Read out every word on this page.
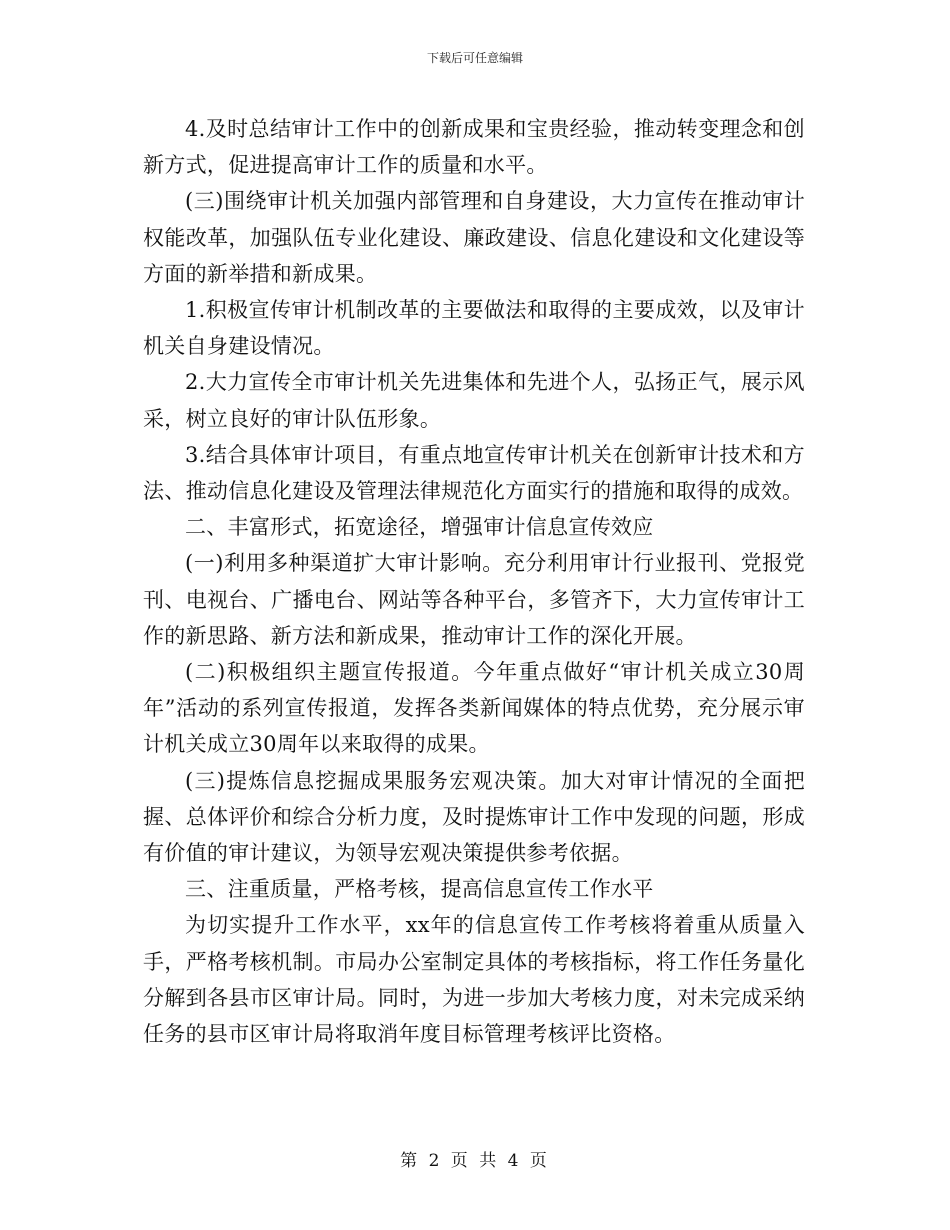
下载后可任意编辑

4.及时总结审计工作中的创新成果和宝贵经验，推动转变理念和创新方式，促进提高审计工作的质量和水平。

(三)围绕审计机关加强内部管理和自身建设，大力宣传在推动审计权能改革，加强队伍专业化建设、廉政建设、信息化建设和文化建设等方面的新举措和新成果。

1.积极宣传审计机制改革的主要做法和取得的主要成效，以及审计机关自身建设情况。

2.大力宣传全市审计机关先进集体和先进个人，弘扬正气，展示风采，树立良好的审计队伍形象。

3.结合具体审计项目，有重点地宣传审计机关在创新审计技术和方法、推动信息化建设及管理法律规范化方面实行的措施和取得的成效。

二、丰富形式，拓宽途径，增强审计信息宣传效应

(一)利用多种渠道扩大审计影响。充分利用审计行业报刊、党报党刊、电视台、广播电台、网站等各种平台，多管齐下，大力宣传审计工作的新思路、新方法和新成果，推动审计工作的深化开展。

(二)积极组织主题宣传报道。今年重点做好“审计机关成立30周年”活动的系列宣传报道，发挥各类新闻媒体的特点优势，充分展示审计机关成立30周年以来取得的成果。

(三)提炼信息挖掘成果服务宏观决策。加大对审计情况的全面把握、总体评价和综合分析力度，及时提炼审计工作中发现的问题，形成有价值的审计建议，为领导宏观决策提供参考依据。

三、注重质量，严格考核，提高信息宣传工作水平

为切实提升工作水平，xx年的信息宣传工作考核将着重从质量入手，严格考核机制。市局办公室制定具体的考核指标，将工作任务量化分解到各县市区审计局。同时，为进一步加大考核力度，对未完成采纳任务的县市区审计局将取消年度目标管理考核评比资格。

第 2 页 共 4 页
